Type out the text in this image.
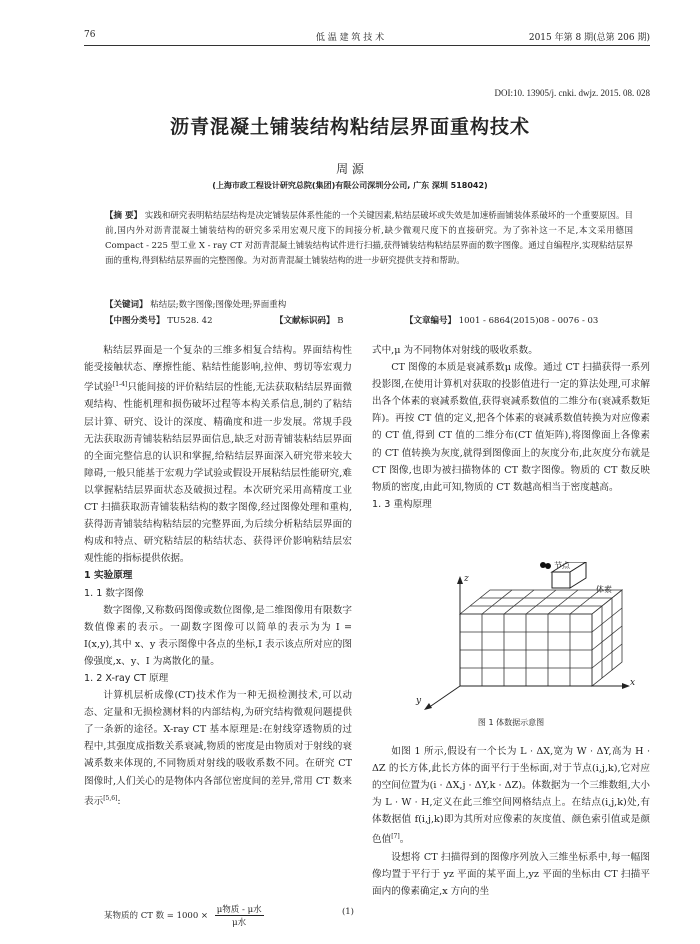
76	低 温 建 筑 技 术	2015 年第 8 期(总第 206 期)
DOI:10. 13905/j. cnki. dwjz. 2015. 08. 028
沥青混凝土铺装结构粘结层界面重构技术
周 源
(上海市政工程设计研究总院(集团)有限公司深圳分公司, 广东 深圳 518042)
【摘 要】 实践和研究表明粘结层结构是决定铺装层体系性能的一个关键因素,粘结层破坏或失效是加速桥面铺装体系破坏的一个重要原因。目前,国内外对沥青混凝土铺装结构的研究多采用宏观尺度下的间接分析,缺少微观尺度下的直接研究。为了弥补这一不足,本文采用德国 Compact - 225 型工业 X - ray CT 对沥青混凝土铺装结构试件进行扫描,获得铺装结构粘结层界面的数字图像。通过自编程序,实现粘结层界面的重构,得到粘结层界面的完整图像。为对沥青混凝土铺装结构的进一步研究提供支持和帮助。
【关键词】 粘结层;数字图像;图像处理;界面重构
【中图分类号】 TU528. 42	【文献标识码】 B	【文章编号】 1001 - 6864(2015)08 - 0076 - 03

粘结层界面是一个复杂的三维多相复合结构。界面结构性能受接触状态、摩擦性能、粘结性能影响,拉伸、剪切等宏观力学试验[1-4]只能间接的评价粘结层的性能,无法获取粘结层界面微观结构、性能机理和损伤破坏过程等本构关系信息,制约了粘结层计算、研究、设计的深度、精确度和进一步发展。常规手段无法获取沥青铺装粘结层界面信息,缺乏对沥青铺装粘结层界面的全面完整信息的认识和掌握,给粘结层界面深入研究带来较大障碍,一般只能基于宏观力学试验或假设开展粘结层性能研究,难以掌握粘结层界面状态及破损过程。本次研究采用高精度工业 CT 扫描获取沥青铺装粘结构的数字图像,经过图像处理和重构,获得沥青铺装结构粘结层的完整界面,为后续分析粘结层界面的构成和特点、研究粘结层的粘结状态、获得评价影响粘结层宏观性能的指标提供依据。

1 实验原理

1. 1 数字图像

数字图像,又称数码图像或数位图像,是二维图像用有限数字数值像素的表示。一副数字图像可以简单的表示为为 I = I(x,y),其中 x、y 表示图像中各点的坐标,I 表示该点所对应的图像强度,x、y、I 为离散化的量。

1. 2 X-ray CT 原理

计算机层析成像(CT)技术作为一种无损检测技术,可以动态、定量和无损检测材料的内部结构,为研究结构微观问题提供了一条新的途径。X-ray CT 基本原理是:在射线穿透物质的过程中,其强度成指数关系衰减,物质的密度是由物质对于射线的衰减系数来体现的,不同物质对射线的吸收系数不同。在研究 CT 图像时,人们关心的是物体内各部位密度间的差异,常用 CT 数来表示[5,6]:

某物质的 CT 数 = 1000 ×
μ物质 - μ水
μ水
(1)

式中,μ 为不同物体对射线的吸收系数。

CT 图像的本质是衰减系数μ 成像。通过 CT 扫描获得一系列投影图,在使用计算机对获取的投影值进行一定的算法处理,可求解出各个体素的衰减系数值,获得衰减系数值的二维分布(衰减系数矩阵)。再按 CT 值的定义,把各个体素的衰减系数值转换为对应像素的 CT 值,得到 CT 值的二维分布(CT 值矩阵),将图像面上各像素的 CT 值转换为灰度,就得到图像面上的灰度分布,此灰度分布就是 CT 图像,也即为被扫描物体的 CT 数字图像。物质的 CT 数反映物质的密度,由此可知,物质的 CT 数越高相当于密度越高。

1. 3 重构原理

节点
体素
z
x
y
图 1 体数据示意图

如图 1 所示,假设有一个长为 L · ΔX,宽为 W · ΔY,高为 H · ΔZ 的长方体,此长方体的面平行于坐标面,对于节点(i,j,k),它对应的空间位置为(i · ΔX,j · ΔY,k · ΔZ)。体数据为一个三维数组,大小为 L · W · H,定义在此三维空间网格结点上。在结点(i,j,k)处,有体数据值 f(i,j,k)即为其所对应像素的灰度值、颜色索引值或是颜色值[7]。

设想将 CT 扫描得到的图像序列放入三维坐标系中,每一幅图像均置于平行于 yz 平面的某平面上,yz 平面的坐标由 CT 扫描平面内的像素确定,x 方向的坐
